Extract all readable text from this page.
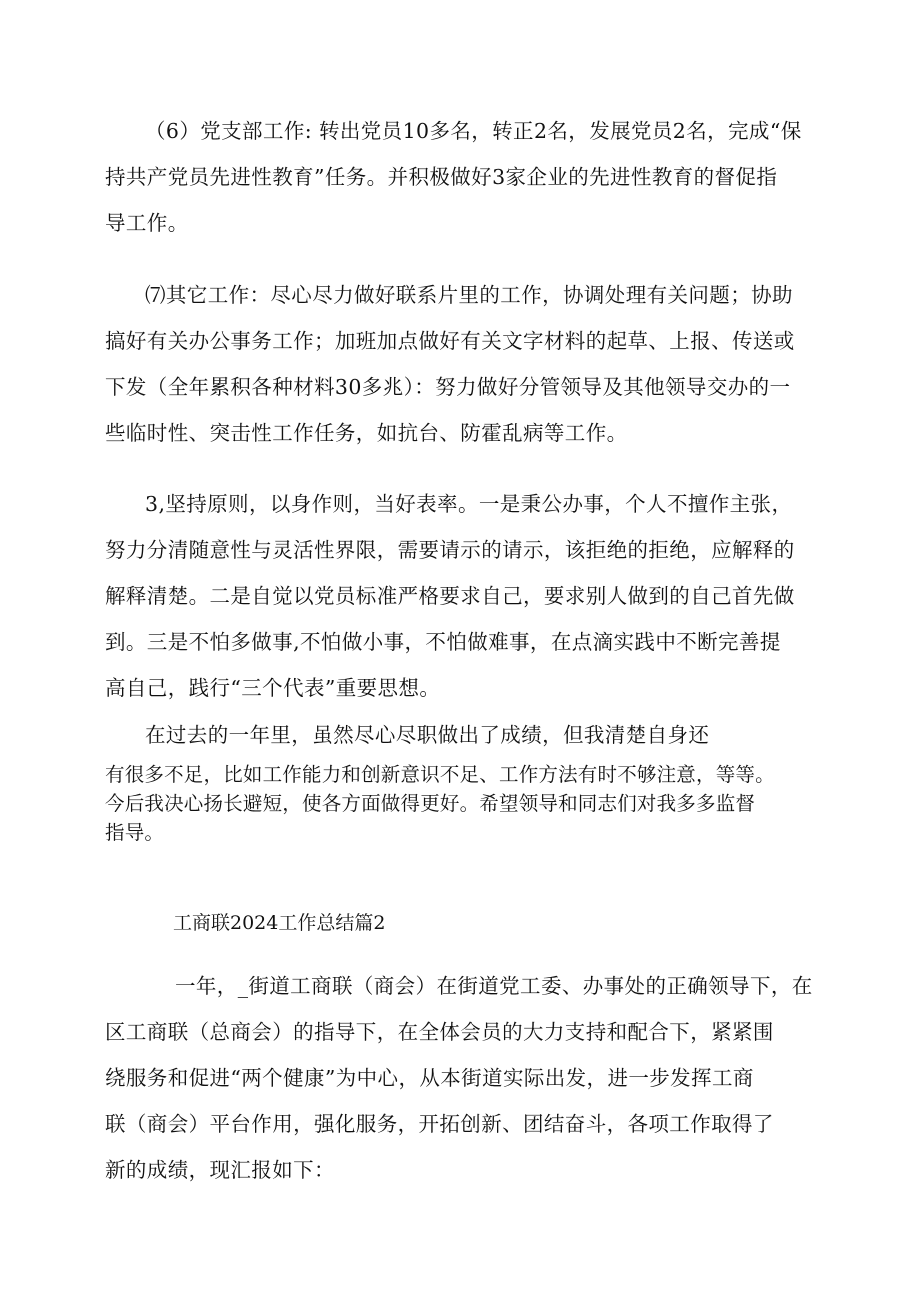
（6）党支部工作: 转出党员10多名，转正2名，发展党员2名，完成“保
持共产党员先进性教育”任务。并积极做好3家企业的先进性教育的督促指
导工作。
⑺其它工作：尽心尽力做好联系片里的工作，协调处理有关问题；协助
搞好有关办公事务工作；加班加点做好有关文字材料的起草、上报、传送或
下发（全年累积各种材料30多兆）：努力做好分管领导及其他领导交办的一
些临时性、突击性工作任务，如抗台、防霍乱病等工作。
3,坚持原则，以身作则，当好表率。一是秉公办事，个人不擅作主张，
努力分清随意性与灵活性界限，需要请示的请示，该拒绝的拒绝，应解释的
解释清楚。二是自觉以党员标准严格要求自己，要求别人做到的自己首先做
到。三是不怕多做事,不怕做小事，不怕做难事，在点滴实践中不断完善提
高自己，践行“三个代表”重要思想。
在过去的一年里，虽然尽心尽职做出了成绩，但我清楚自身还
有很多不足，比如工作能力和创新意识不足、工作方法有时不够注意，等等。
今后我决心扬长避短，使各方面做得更好。希望领导和同志们对我多多监督
指导。

工商联2024工作总结篇2

一年，_街道工商联（商会）在街道党工委、办事处的正确领导下，在
区工商联（总商会）的指导下，在全体会员的大力支持和配合下，紧紧围
绕服务和促进“两个健康”为中心，从本街道实际出发，进一步发挥工商
联（商会）平台作用，强化服务，开拓创新、团结奋斗，各项工作取得了
新的成绩，现汇报如下：
